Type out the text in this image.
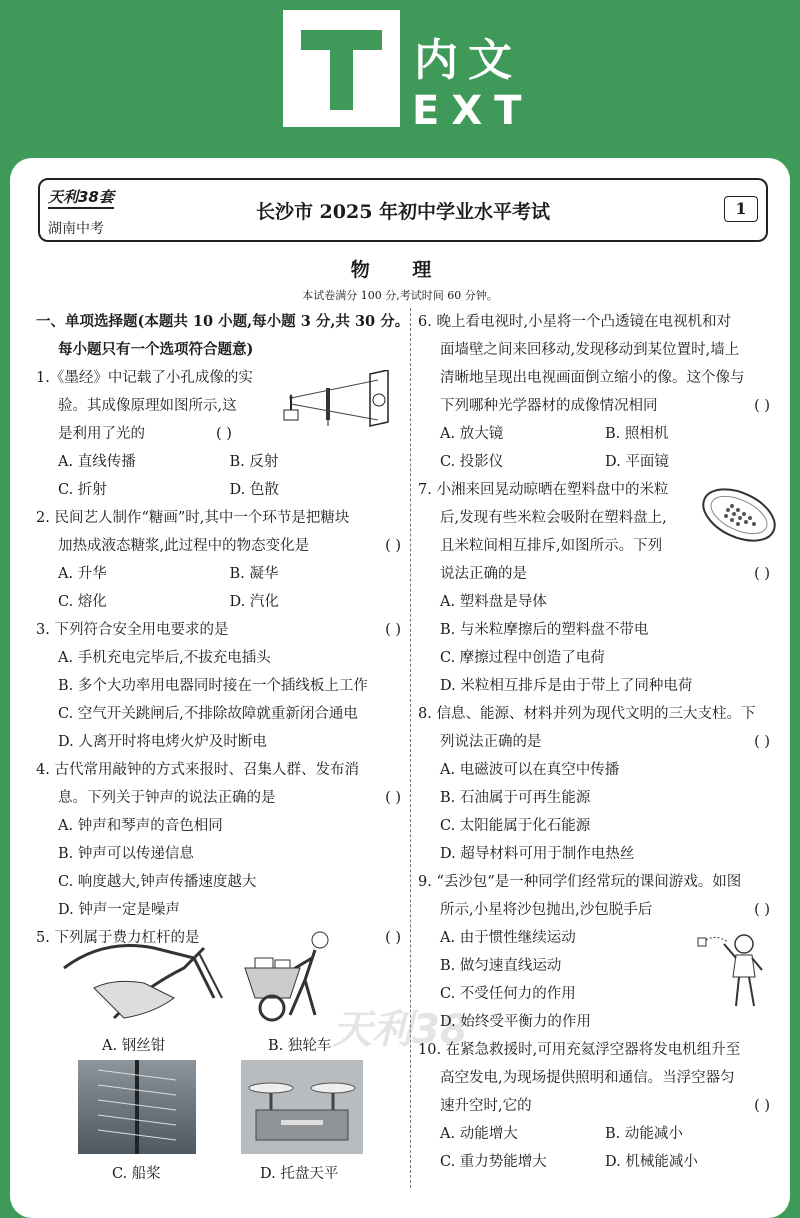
内文
EXT
天利38套
湖南中考
长沙市 2025 年初中学业水平考试	1
物 理
本试卷满分 100 分,考试时间 60 分钟。
天利38
一、单项选择题(本题共 10 小题,每小题 3 分,共 30 分。
每小题只有一个选项符合题意)
1.《墨经》中记载了小孔成像的实
验。其成像原理如图所示,这
是利用了光的	( )
A. 直线传播	B. 反射
C. 折射	D. 色散
2. 民间艺人制作“糖画”时,其中一个环节是把糖块
加热成液态糖浆,此过程中的物态变化是	( )
A. 升华	B. 凝华
C. 熔化	D. 汽化
3. 下列符合安全用电要求的是	( )
A. 手机充电完毕后,不拔充电插头
B. 多个大功率用电器同时接在一个插线板上工作
C. 空气开关跳闸后,不排除故障就重新闭合通电
D. 人离开时将电烤火炉及时断电
4. 古代常用敲钟的方式来报时、召集人群、发布消
息。下列关于钟声的说法正确的是	( )
A. 钟声和琴声的音色相同
B. 钟声可以传递信息
C. 响度越大,钟声传播速度越大
D. 钟声一定是噪声
5. 下列属于费力杠杆的是	( )
A. 钢丝钳	B. 独轮车
C. 船桨	D. 托盘天平
6. 晚上看电视时,小星将一个凸透镜在电视机和对
面墙壁之间来回移动,发现移动到某位置时,墙上
清晰地呈现出电视画面倒立缩小的像。这个像与
下列哪种光学器材的成像情况相同	( )
A. 放大镜	B. 照相机
C. 投影仪	D. 平面镜
7. 小湘来回晃动晾晒在塑料盘中的米粒
后,发现有些米粒会吸附在塑料盘上,
且米粒间相互排斥,如图所示。下列
说法正确的是	( )
A. 塑料盘是导体
B. 与米粒摩擦后的塑料盘不带电
C. 摩擦过程中创造了电荷
D. 米粒相互排斥是由于带上了同种电荷
8. 信息、能源、材料并列为现代文明的三大支柱。下
列说法正确的是	( )
A. 电磁波可以在真空中传播
B. 石油属于可再生能源
C. 太阳能属于化石能源
D. 超导材料可用于制作电热丝
9. “丢沙包”是一种同学们经常玩的课间游戏。如图
所示,小星将沙包抛出,沙包脱手后	( )
A. 由于惯性继续运动
B. 做匀速直线运动
C. 不受任何力的作用
D. 始终受平衡力的作用
10. 在紧急救援时,可用充氦浮空器将发电机组升至
高空发电,为现场提供照明和通信。当浮空器匀
速升空时,它的	( )
A. 动能增大	B. 动能减小
C. 重力势能增大	D. 机械能减小
